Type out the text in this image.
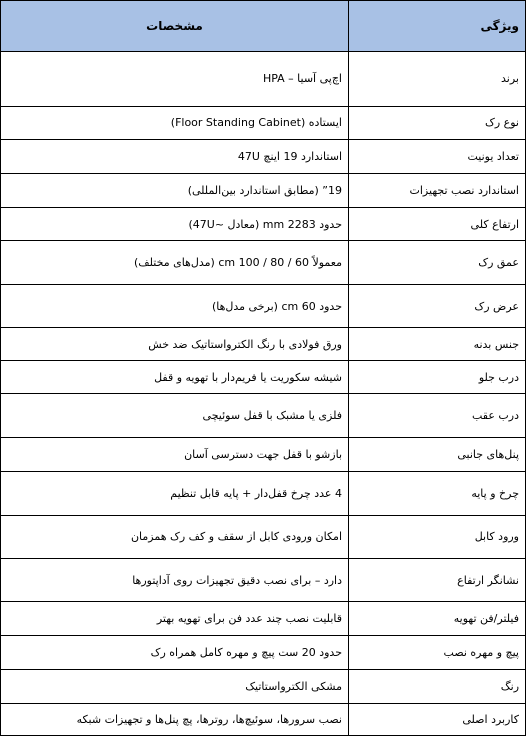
ویژگی	مشخصات
برند	اچ‌پی آسیا – HPA
نوع رک	ایستاده (Floor Standing Cabinet)
تعداد یونیت	استاندارد 19 اینچ 47U
استاندارد نصب تجهیزات	19” (مطابق استاندارد بین‌المللی)
ارتفاع کلی	حدود 2283 mm (معادل ~47U)
عمق رک	معمولاً 60 / 80 / 100 cm (مدل‌های مختلف)
عرض رک	حدود 60 cm (برخی مدل‌ها)
جنس بدنه	ورق فولادی با رنگ الکترواستاتیک ضد خش
درب جلو	شیشه سکوریت یا فریم‌دار با تهویه و قفل
درب عقب	فلزی یا مشبک با قفل سوئیچی
پنل‌های جانبی	بازشو با قفل جهت دسترسی آسان
چرخ و پایه	4 عدد چرخ قفل‌دار + پایه قابل تنظیم
ورود کابل	امکان ورودی کابل از سقف و کف رک همزمان
نشانگر ارتفاع	دارد – برای نصب دقیق تجهیزات روی آداپتورها
فیلتر/فن تهویه	قابلیت نصب چند عدد فن برای تهویه بهتر
پیچ و مهره نصب	حدود 20 ست پیچ و مهره کامل همراه رک
رنگ	مشکی الکترواستاتیک
کاربرد اصلی	نصب سرورها، سوئیچ‌ها، روترها، پچ پنل‌ها و تجهیزات شبکه
